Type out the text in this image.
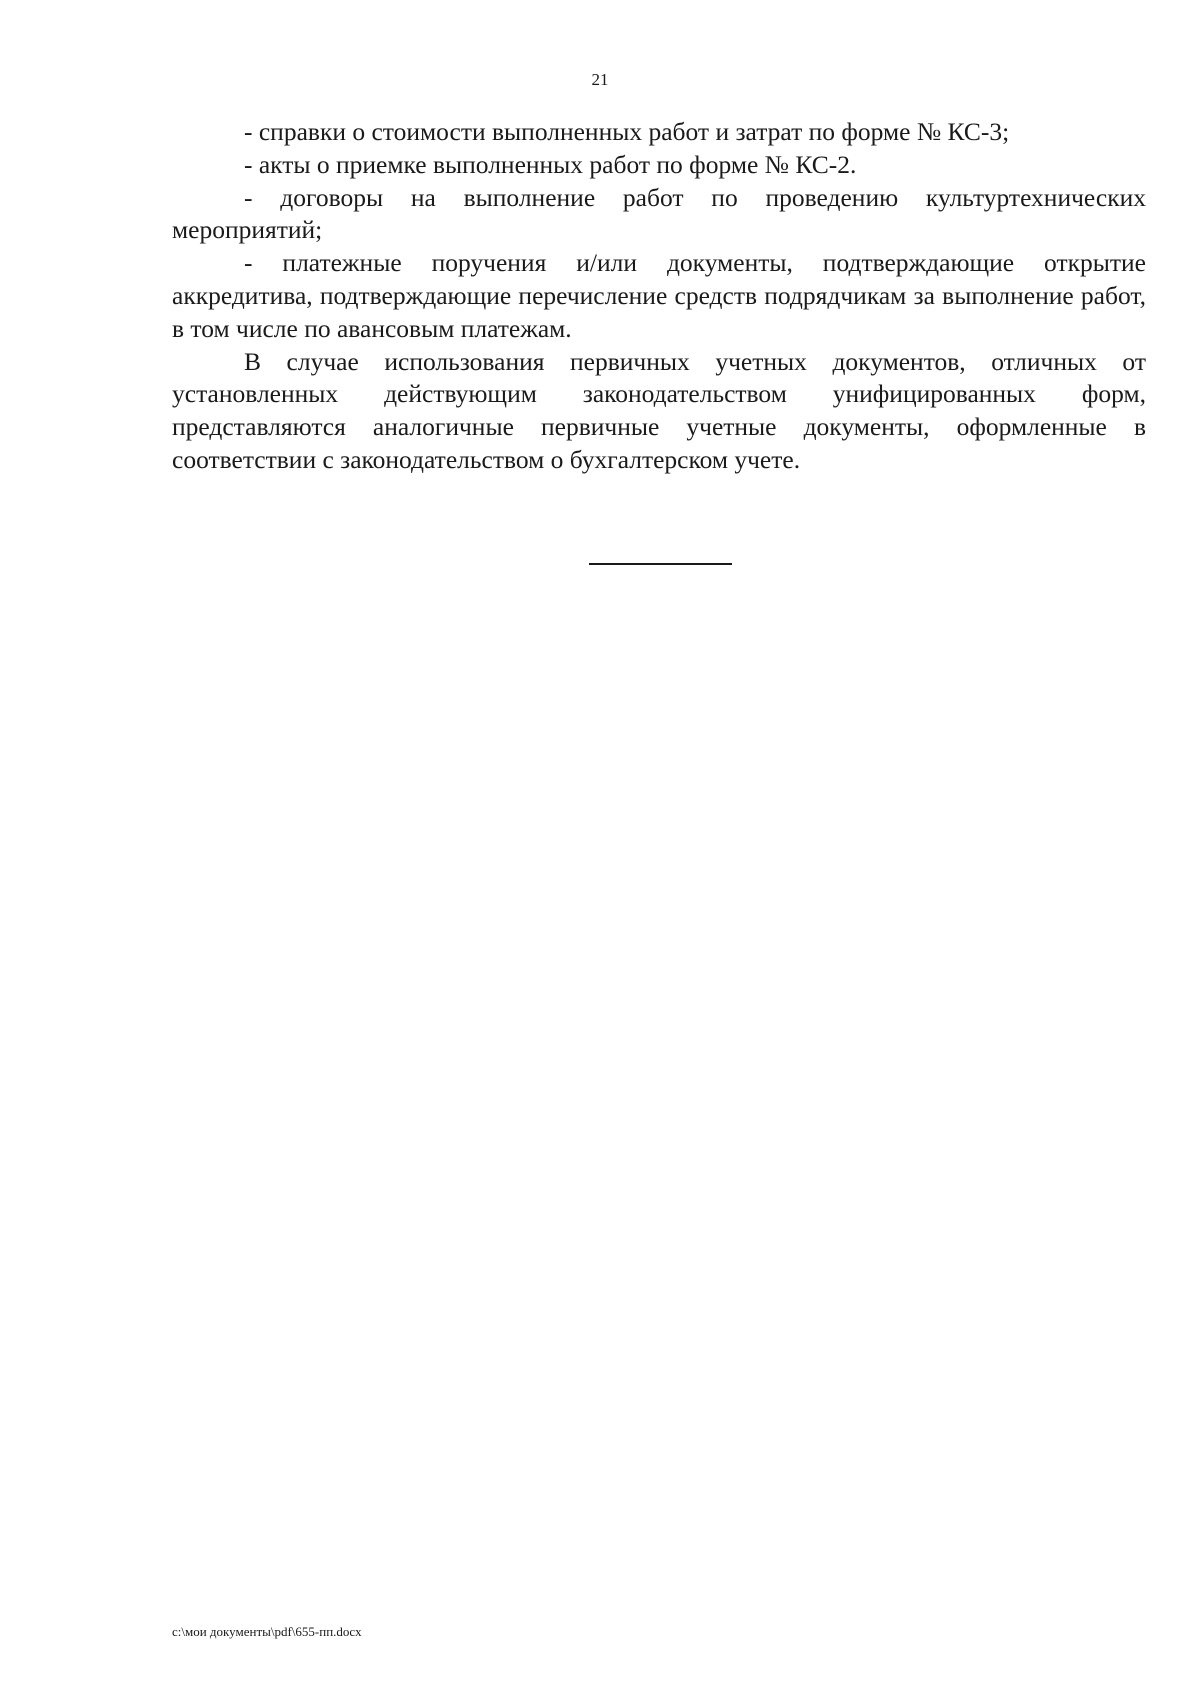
21

- справки о стоимости выполненных работ и затрат по форме № КС-3;

- акты о приемке выполненных работ по форме № КС-2.

- договоры на выполнение работ по проведению культуртехнических мероприятий;

- платежные поручения и/или документы, подтверждающие открытие аккредитива, подтверждающие перечисление средств подрядчикам за выполнение работ, в том числе по авансовым платежам.

В случае использования первичных учетных документов, отличных от установленных действующим законодательством унифицированных форм, представляются аналогичные первичные учетные документы, оформленные в соответствии с законодательством о бухгалтерском учете.

c:\мои документы\pdf\655-пп.docx
